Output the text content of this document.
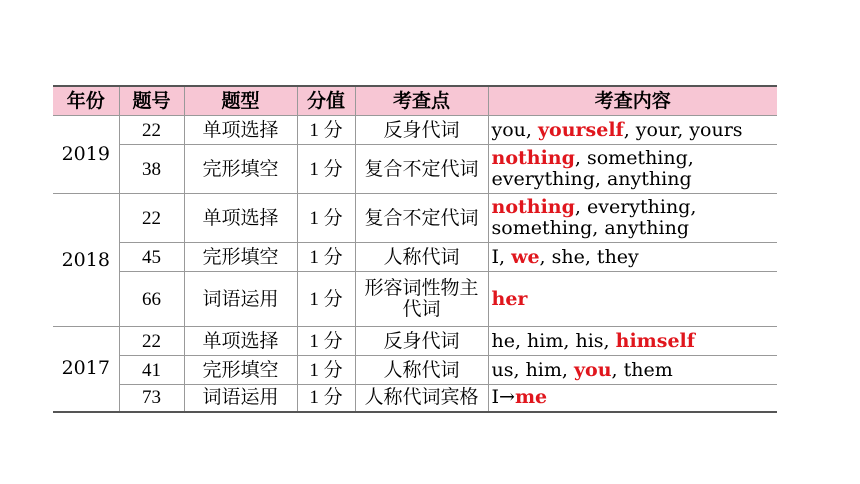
年份	题号	题型	分值	考查点	考查内容
2019	22	单项选择	1 分	反身代词	you, yourself, your, yours
	38	完形填空	1 分	复合不定代词	nothing, something, everything, anything
2018	22	单项选择	1 分	复合不定代词	nothing, everything, something, anything
	45	完形填空	1 分	人称代词	I, we, she, they
	66	词语运用	1 分	形容词性物主代词	her
2017	22	单项选择	1 分	反身代词	he, him, his, himself
	41	完形填空	1 分	人称代词	us, him, you, them
	73	词语运用	1 分	人称代词宾格	I→me
